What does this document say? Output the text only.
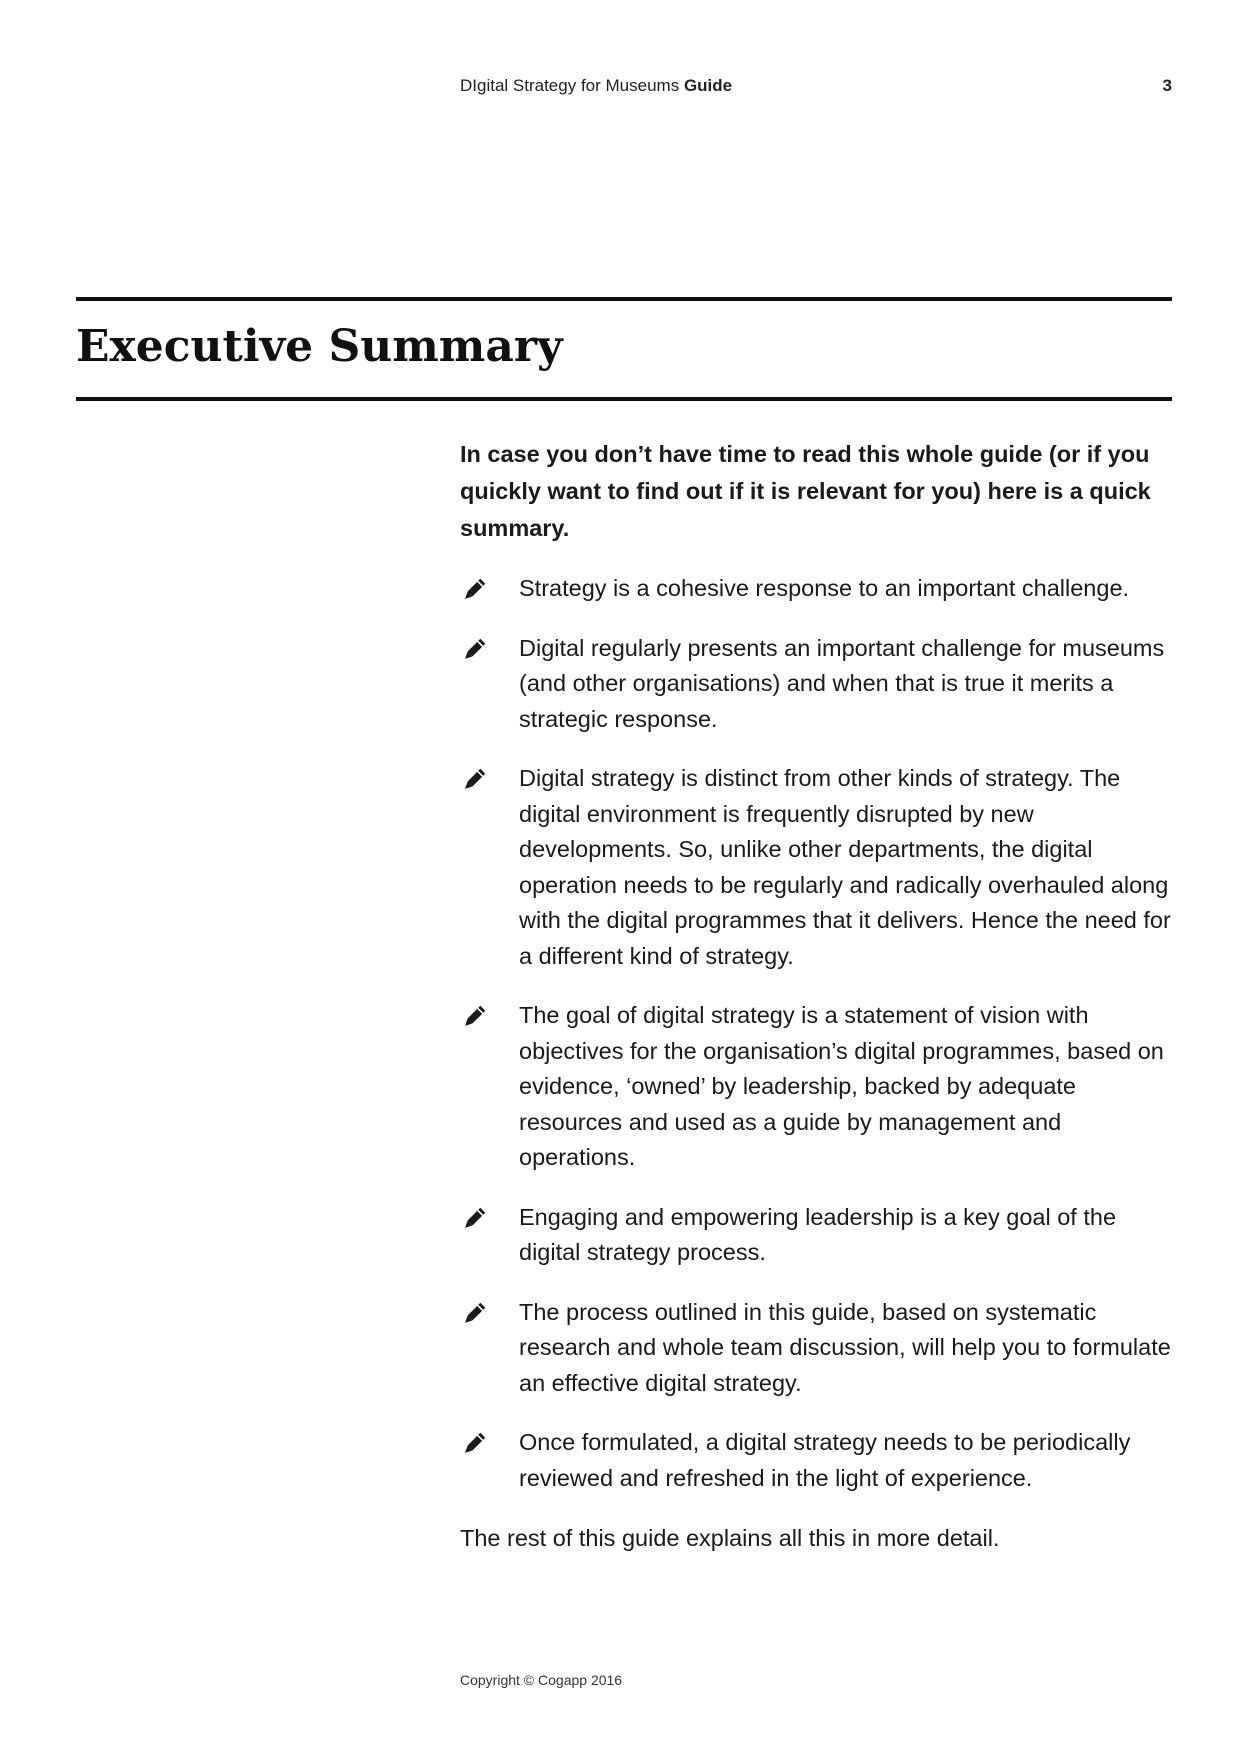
DIgital Strategy for Museums Guide	3
Executive Summary

In case you don’t have time to read this whole guide (or if you quickly want to find out if it is relevant for you) here is a quick summary.

Strategy is a cohesive response to an important challenge.
Digital regularly presents an important challenge for museums (and other organisations) and when that is true it merits a strategic response.
Digital strategy is distinct from other kinds of strategy. The digital environment is frequently disrupted by new developments. So, unlike other departments, the digital operation needs to be regularly and radically overhauled along with the digital programmes that it delivers. Hence the need for a different kind of strategy.
The goal of digital strategy is a statement of vision with objectives for the organisation’s digital programmes, based on evidence, ‘owned’ by leadership, backed by adequate resources and used as a guide by management and operations.
Engaging and empowering leadership is a key goal of the digital strategy process.
The process outlined in this guide, based on systematic research and whole team discussion, will help you to formulate an effective digital strategy.
Once formulated, a digital strategy needs to be periodically reviewed and refreshed in the light of experience.

The rest of this guide explains all this in more detail.

Copyright © Cogapp 2016
